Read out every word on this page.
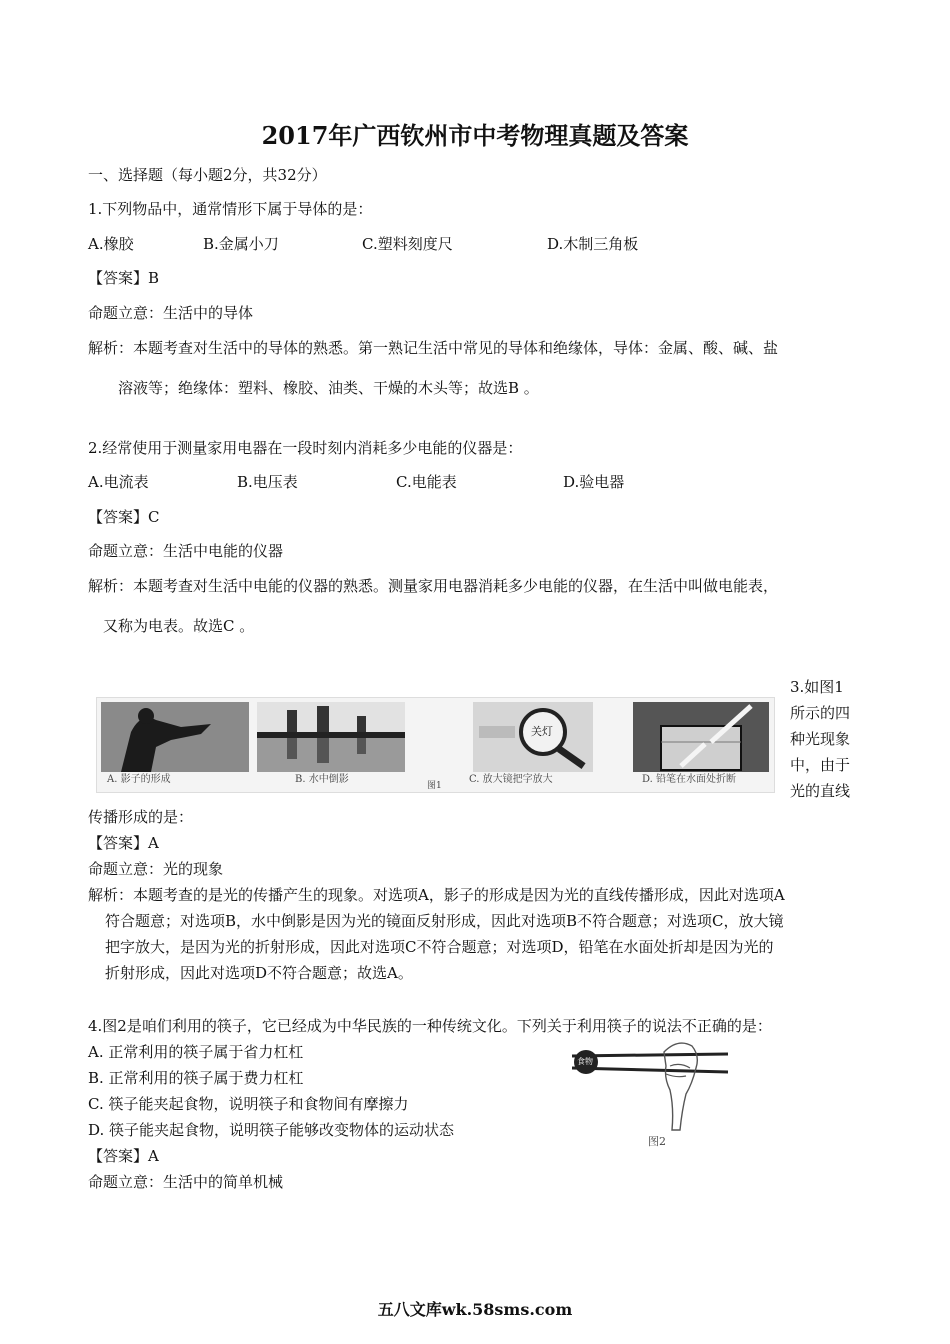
2017年广西钦州市中考物理真题及答案
一、选择题（每小题2分，共32分）
1.下列物品中，通常情形下属于导体的是：
A.橡胶	B.金属小刀	C.塑料刻度尺	D.木制三角板
【答案】B
命题立意：生活中的导体
解析：本题考查对生活中的导体的熟悉。第一熟记生活中常见的导体和绝缘体，导体：金属、酸、碱、盐
溶液等；绝缘体：塑料、橡胶、油类、干燥的木头等；故选B 。
2.经常使用于测量家用电器在一段时刻内消耗多少电能的仪器是：
A.电流表	B.电压表	C.电能表	D.验电器
【答案】C
命题立意：生活中电能的仪器
解析：本题考查对生活中电能的仪器的熟悉。测量家用电器消耗多少电能的仪器，在生活中叫做电能表，
又称为电表。故选C 。
关灯
A. 影子的形成	B. 水中倒影	C. 放大镜把字放大	D. 铅笔在水面处折断
图1
3.如图1
所示的四
种光现象
中，由于
光的直线
传播形成的是：
【答案】A
命题立意：光的现象
解析：本题考查的是光的传播产生的现象。对选项A，影子的形成是因为光的直线传播形成，因此对选项A
符合题意；对选项B，水中倒影是因为光的镜面反射形成，因此对选项B不符合题意；对选项C，放大镜
把字放大，是因为光的折射形成，因此对选项C不符合题意；对选项D，铅笔在水面处折却是因为光的
折射形成，因此对选项D不符合题意；故选A。
4.图2是咱们利用的筷子，它已经成为中华民族的一种传统文化。下列关于利用筷子的说法不正确的是：
A. 正常利用的筷子属于省力杠杠
B. 正常利用的筷子属于费力杠杠
C. 筷子能夹起食物，说明筷子和食物间有摩擦力
D. 筷子能夹起食物，说明筷子能够改变物体的运动状态
【答案】A
命题立意：生活中的简单机械
食物
图2
五八文库wk.58sms.com
